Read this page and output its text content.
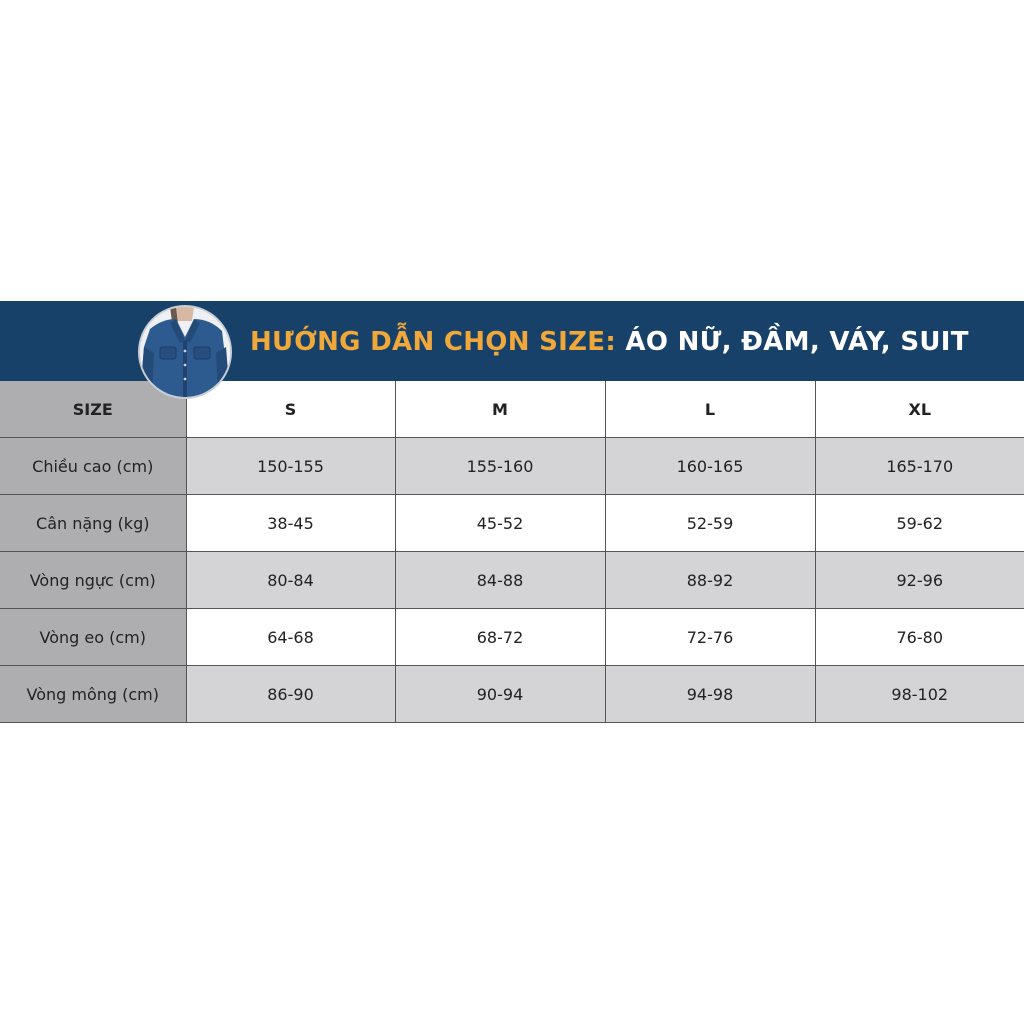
HƯỚNG DẪN CHỌN SIZE: ÁO NỮ, ĐẦM, VÁY, SUIT
SIZE	S	M	L	XL
Chiều cao (cm)	150-155	155-160	160-165	165-170
Cân nặng (kg)	38-45	45-52	52-59	59-62
Vòng ngực (cm)	80-84	84-88	88-92	92-96
Vòng eo (cm)	64-68	68-72	72-76	76-80
Vòng mông (cm)	86-90	90-94	94-98	98-102
